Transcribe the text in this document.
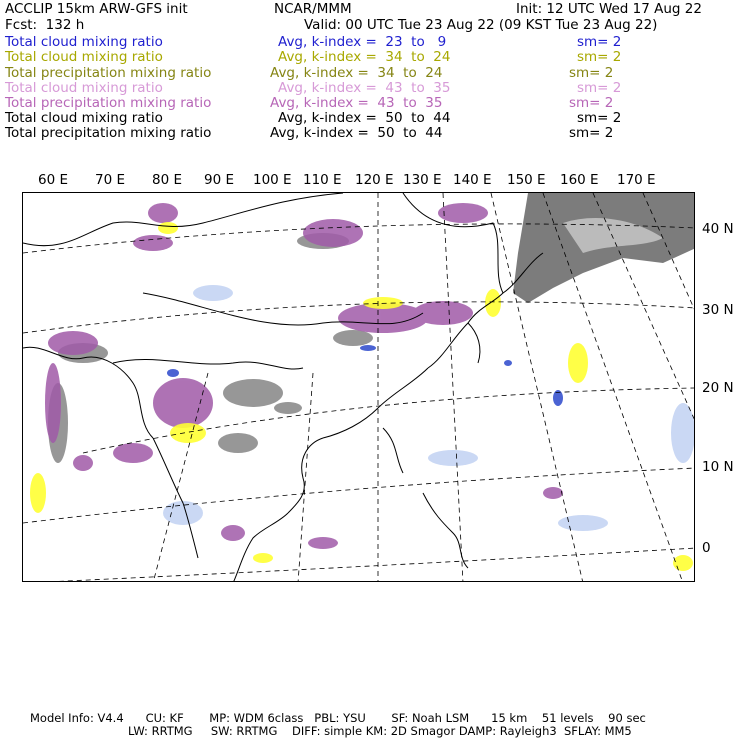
ACCLIP 15km ARW-GFS init	NCAR/MMM	Init: 12 UTC Wed 17 Aug 22
Fcst:  132 h	Valid: 00 UTC Tue 23 Aug 22 (09 KST Tue 23 Aug 22)
Total cloud mixing ratio	Avg, k-index =  23  to   9	sm= 2
Total cloud mixing ratio	Avg, k-index =  34  to  24	sm= 2
Total precipitation mixing ratio	Avg, k-index =  34  to  24	sm= 2
Total cloud mixing ratio	Avg, k-index =  43  to  35	sm= 2
Total precipitation mixing ratio	Avg, k-index =  43  to  35	sm= 2
Total cloud mixing ratio	Avg, k-index =  50  to  44	sm= 2
Total precipitation mixing ratio	Avg, k-index =  50  to  44	sm= 2
60 E 70 E 80 E 90 E 100 E 110 E 120 E 130 E 140 E 150 E 160 E 170 E
40 N
30 N
20 N
10 N
0
Model Info: V4.4      CU: KF       MP: WDM 6class   PBL: YSU       SF: Noah LSM      15 km    51 levels    90 sec
LW: RRTMG     SW: RRTMG    DIFF: simple KM: 2D Smagor DAMP: Rayleigh3  SFLAY: MM5
